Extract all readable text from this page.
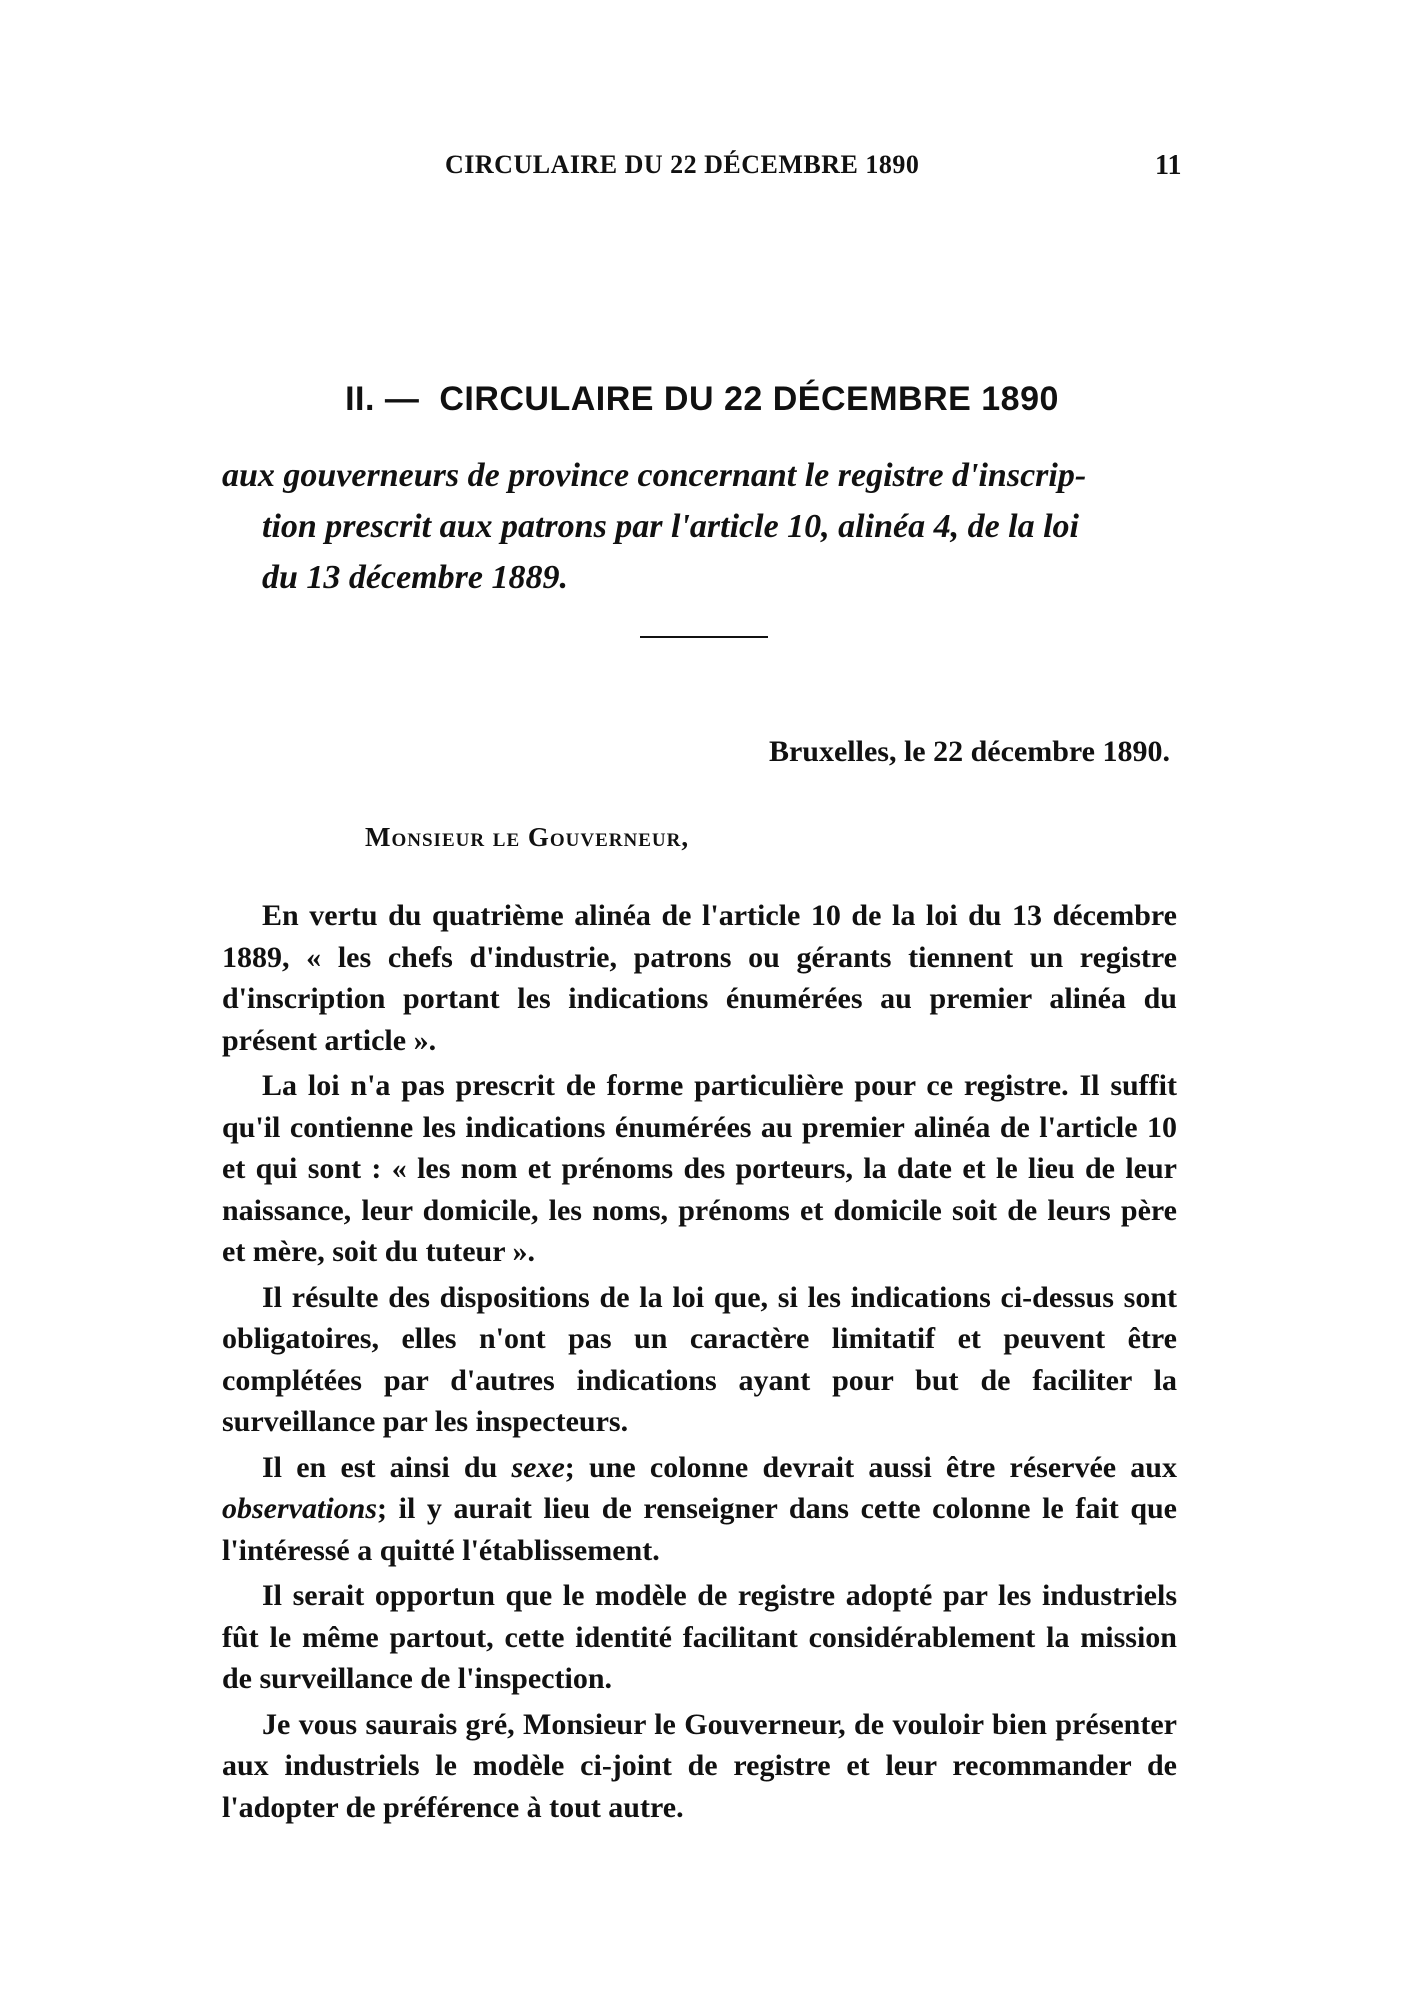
CIRCULAIRE DU 22 DÉCEMBRE 1890	11
II. — CIRCULAIRE DU 22 DÉCEMBRE 1890
aux gouverneurs de province concernant le registre d'inscrip-
tion prescrit aux patrons par l'article 10, alinéa 4, de la loi
du 13 décembre 1889.
Bruxelles, le 22 décembre 1890.
Monsieur le Gouverneur,

En vertu du quatrième alinéa de l'article 10 de la loi du 13 décembre 1889, « les chefs d'industrie, patrons ou gérants tiennent un registre d'inscription portant les indications énumérées au premier alinéa du présent article ».

La loi n'a pas prescrit de forme particulière pour ce registre. Il suffit qu'il contienne les indications énumérées au premier alinéa de l'article 10 et qui sont : « les nom et prénoms des porteurs, la date et le lieu de leur naissance, leur domicile, les noms, prénoms et domicile soit de leurs père et mère, soit du tuteur ».

Il résulte des dispositions de la loi que, si les indications ci-dessus sont obligatoires, elles n'ont pas un caractère limitatif et peuvent être complétées par d'autres indications ayant pour but de faciliter la surveillance par les inspecteurs.

Il en est ainsi du sexe; une colonne devrait aussi être réservée aux observations; il y aurait lieu de renseigner dans cette colonne le fait que l'intéressé a quitté l'établissement.

Il serait opportun que le modèle de registre adopté par les industriels fût le même partout, cette identité facilitant considérablement la mission de surveillance de l'inspection.

Je vous saurais gré, Monsieur le Gouverneur, de vouloir bien présenter aux industriels le modèle ci-joint de registre et leur recommander de l'adopter de préférence à tout autre.
